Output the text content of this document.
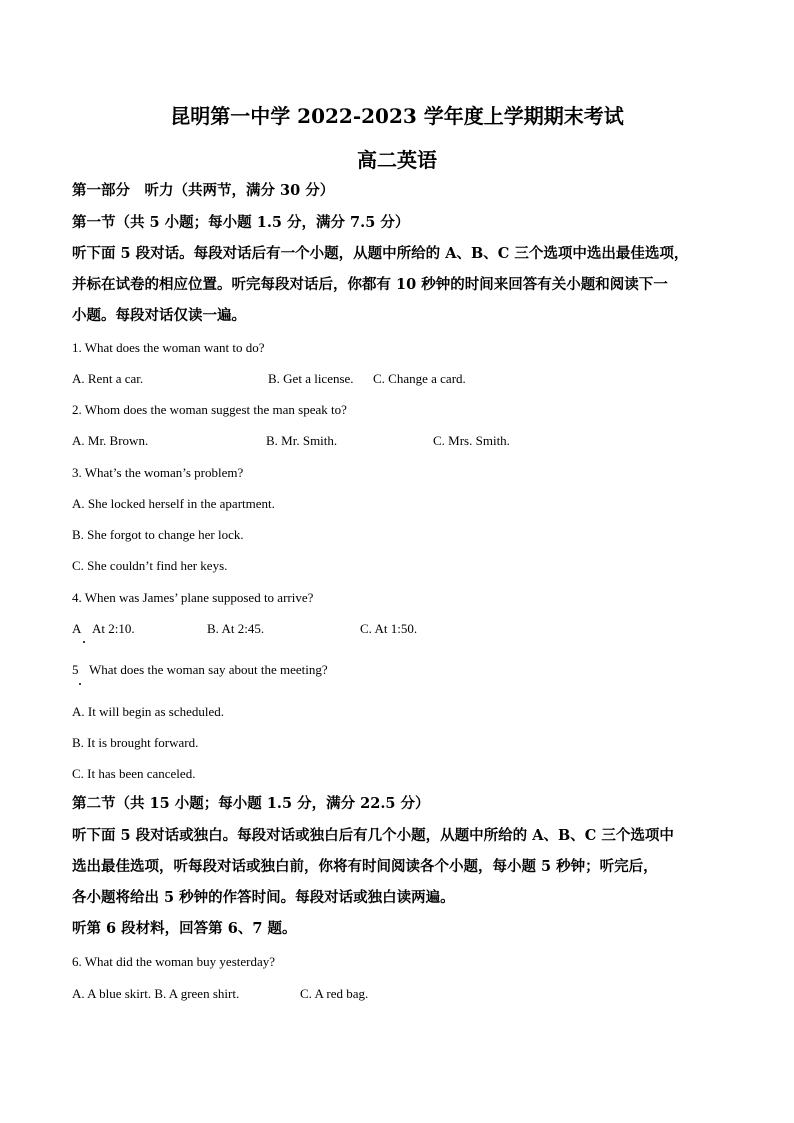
昆明第一中学 2022-2023 学年度上学期期末考试
高二英语
第一部分　听力（共两节，满分 30 分）
第一节（共 5 小题；每小题 1.5 分，满分 7.5 分）
听下面 5 段对话。每段对话后有一个小题，从题中所给的 A、B、C 三个选项中选出最佳选项，
并标在试卷的相应位置。听完每段对话后，你都有 10 秒钟的时间来回答有关小题和阅读下一
小题。每段对话仅读一遍。
1. What does the woman want to do?
A. Rent a car.	B. Get a license. C. Change a card.
2. Whom does the woman suggest the man speak to?
A. Mr. Brown.	B. Mr. Smith.	C. Mrs. Smith.
3. What’s the woman’s problem?
A. She locked herself in the apartment.
B. She forgot to change her lock.
C. She couldn’t find her keys.
4. When was James’ plane supposed to arrive?
A At 2:10.	B. At 2:45.	C. At 1:50.
5 What does the woman say about the meeting?
A. It will begin as scheduled.
B. It is brought forward.
C. It has been canceled.
第二节（共 15 小题；每小题 1.5 分，满分 22.5 分）
听下面 5 段对话或独白。每段对话或独白后有几个小题，从题中所给的 A、B、C 三个选项中
选出最佳选项，听每段对话或独白前，你将有时间阅读各个小题，每小题 5 秒钟；听完后，
各小题将给出 5 秒钟的作答时间。每段对话或独白读两遍。
听第 6 段材料，回答第 6、7 题。
6. What did the woman buy yesterday?
A. A blue skirt. B. A green shirt.	C. A red bag.
